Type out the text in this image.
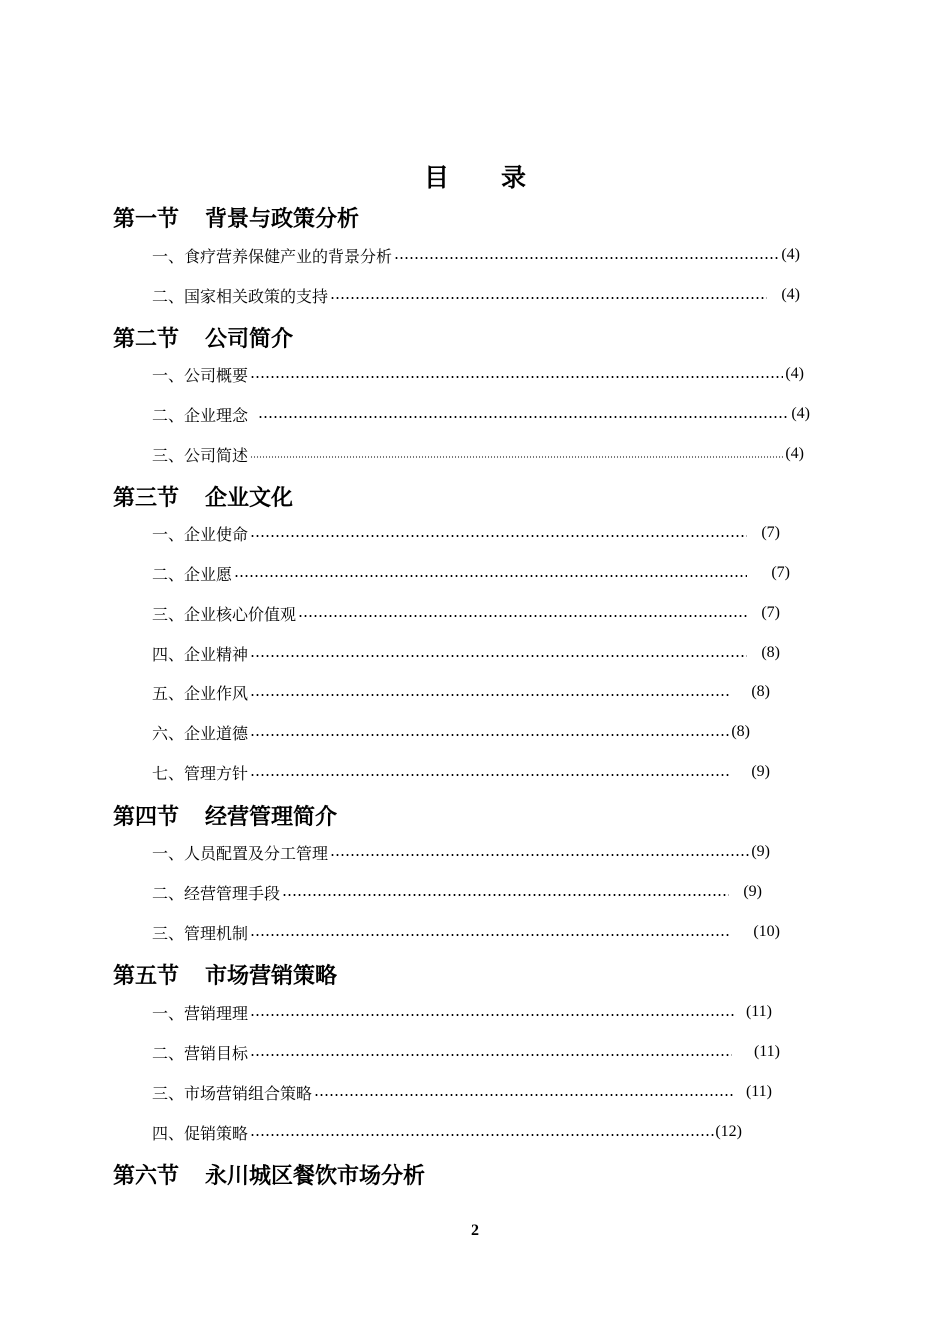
目录
第一节 背景与政策分析
一、食疗营养保健产业的背景分析	(4)
二、国家相关政策的支持	(4)
第二节 公司简介
一、公司概要	(4)
二、企业理念	(4)
三、公司简述	(4)
第三节 企业文化
一、企业使命	(7)
二、企业愿	(7)
三、企业核心价值观	(7)
四、企业精神	(8)
五、企业作风	(8)
六、企业道德	(8)
七、管理方针	(9)
第四节 经营管理简介
一、人员配置及分工管理	(9)
二、经营管理手段	(9)
三、管理机制	(10)
第五节 市场营销策略
一、营销理理	(11)
二、营销目标	(11)
三、市场营销组合策略	(11)
四、促销策略	(12)
第六节 永川城区餐饮市场分析
2
